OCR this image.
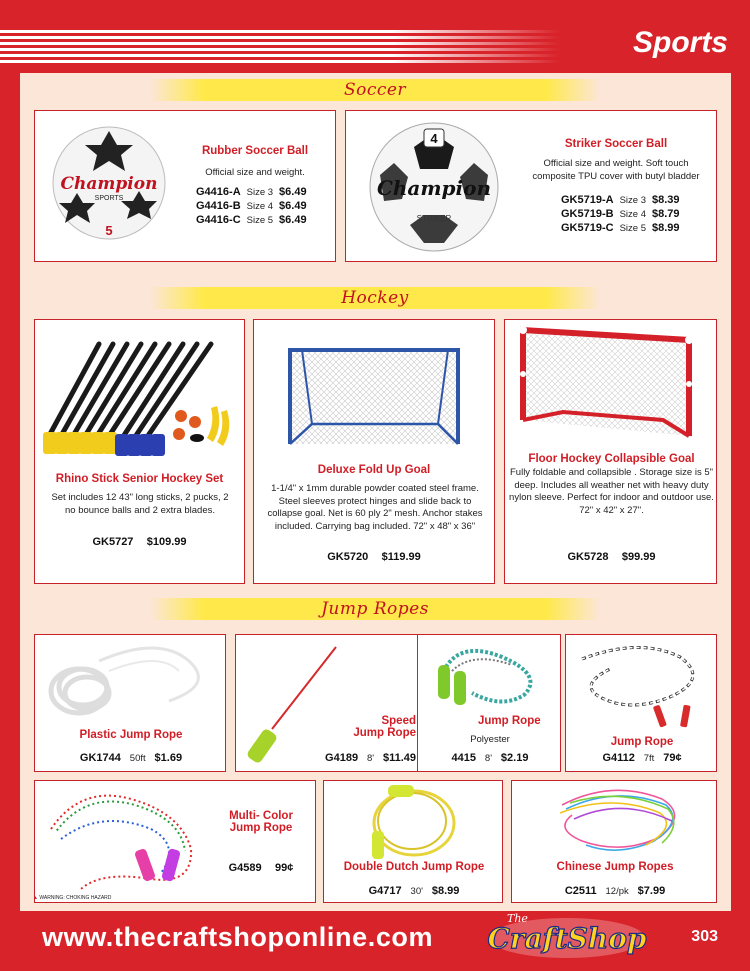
Sports
Soccer
Champion
SPORTS
5
Rubber Soccer Ball
Official size and weight.
G4416-A	Size 3	$6.49
G4416-B	Size 4	$6.49
G4416-C	Size 5	$6.49
4
Champion
STRIKER
Striker Soccer Ball
Official size and weight. Soft touch composite TPU cover with butyl bladder
GK5719-A	Size 3	$8.39
GK5719-B	Size 4	$8.79
GK5719-C	Size 5	$8.99
Hockey
Rhino Stick Senior Hockey Set
Set includes 12 43" long sticks, 2 pucks, 2 no bounce balls and 2 extra blades.
GK5727 $109.99
Deluxe Fold Up Goal
1-1/4" x 1mm durable powder coated steel frame. Steel sleeves protect hinges and slide back to collapse goal. Net is 60 ply 2" mesh. Anchor stakes included. Carrying bag included. 72" x 48" x 36"
GK5720 $119.99
Floor Hockey Collapsible Goal
Fully foldable and collapsible . Storage size is 5" deep. Includes all weather net with heavy duty nylon sleeve. Perfect for indoor and outdoor use. 72" x 42" x 27".
GK5728 $99.99
Jump Ropes
Plastic Jump Rope
GK1744 50ft $1.69
Speed
Jump Rope
G4189 8' $11.49
Jump Rope
Polyester
4415 8' $2.19
Jump Rope
G4112 7ft 79¢
Multi- Color
Jump Rope
G4589 99¢	Double Dutch Jump Rope
G4717 30' $8.99
Chinese Jump Ropes
C2511 12/pk $7.99
▲ WARNING: CHOKING HAZARD
www.thecraftshoponline.com
The
CraftShop	303
